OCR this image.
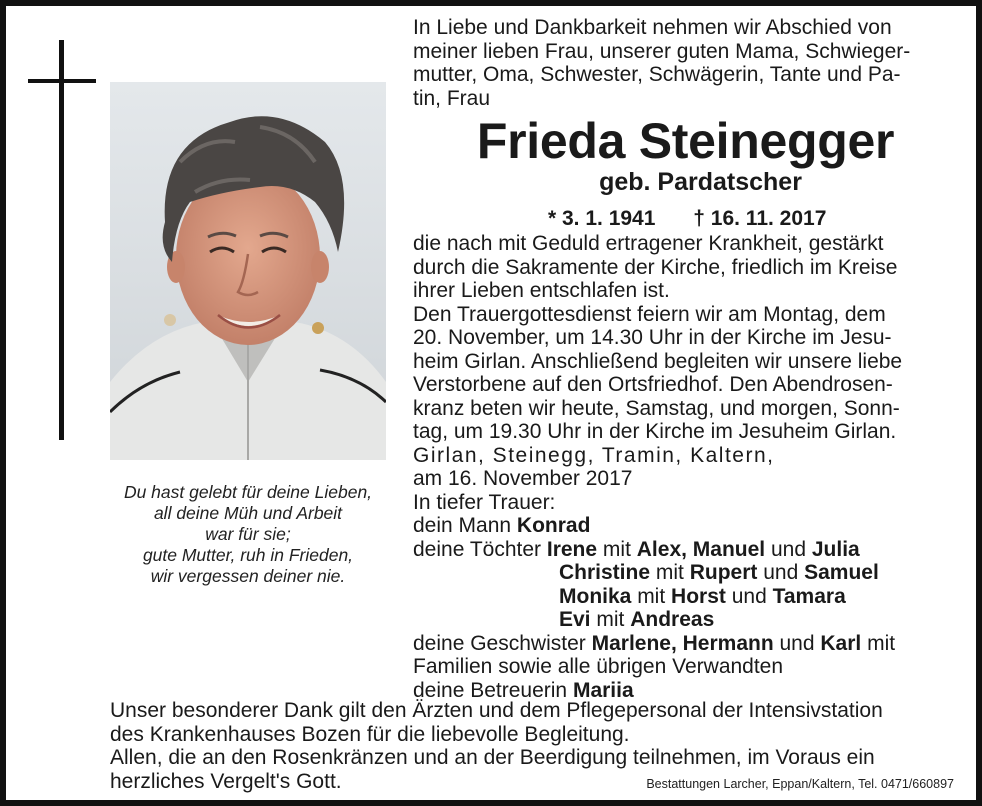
Du hast gelebt für deine Lieben,
all deine Müh und Arbeit
war für sie;
gute Mutter, ruh in Frieden,
wir vergessen deiner nie.
In Liebe und Dankbarkeit nehmen wir Abschied von
meiner lieben Frau, unserer guten Mama, Schwieger-
mutter, Oma, Schwester, Schwägerin, Tante und Pa-
tin, Frau
Frieda Steinegger
geb. Pardatscher
* 3. 1. 1941 † 16. 11. 2017
die nach mit Geduld ertragener Krankheit, gestärkt
durch die Sakramente der Kirche, friedlich im Kreise
ihrer Lieben entschlafen ist.
Den Trauergottesdienst feiern wir am Montag, dem
20. November, um 14.30 Uhr in der Kirche im Jesu-
heim Girlan. Anschließend begleiten wir unsere liebe
Verstorbene auf den Ortsfriedhof. Den Abendrosen-
kranz beten wir heute, Samstag, und morgen, Sonn-
tag, um 19.30 Uhr in der Kirche im Jesuheim Girlan.
Girlan, Steinegg, Tramin, Kaltern,
am 16. November 2017
In tiefer Trauer:
dein Mann Konrad
deine Töchter Irene mit Alex, Manuel und Julia
Christine mit Rupert und Samuel
Monika mit Horst und Tamara
Evi mit Andreas
deine Geschwister Marlene, Hermann und Karl mit
Familien sowie alle übrigen Verwandten
deine Betreuerin Mariia
Unser besonderer Dank gilt den Ärzten und dem Pflegepersonal der Intensivstation
des Krankenhauses Bozen für die liebevolle Begleitung.
Allen, die an den Rosenkränzen und an der Beerdigung teilnehmen, im Voraus ein
herzliches Vergelt's Gott.	Bestattungen Larcher, Eppan/Kaltern, Tel. 0471/660897
